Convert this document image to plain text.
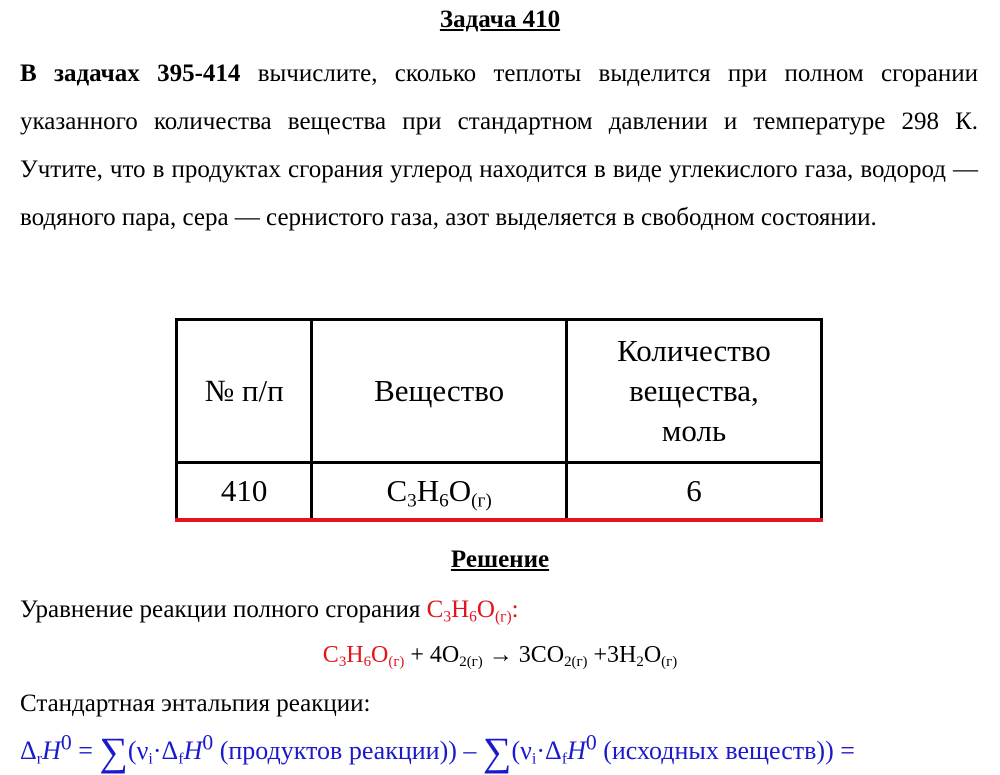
Задача 410
В задачах 395-414 вычислите, сколько теплоты выделится при полном сгорании указанного количества вещества при стандартном давлении и температуре 298 К. Учтите, что в продуктах сгорания углерод находится в виде углекислого газа, водород — водяного пара, сера — сернистого газа, азот выделяется в свободном состоянии.
№ п/п	Вещество	Количество
вещества,
моль
410	$C_3H_6O_{(г)}$	6
Решение
Уравнение реакции полного сгорания $C_3H_6O_{(г)}$:
$C_3H_6O_{(г)} + 4O_{2(г)} \to 3CO_{2(г)} +3H_2O_{(г)}$
Стандартная энтальпия реакции:
$\Delta_rH^0 = \sum(\nu_i\cdot\Delta_fH^0$ (продуктов реакции)) – $\sum(\nu_i\cdot\Delta_fH^0$ (исходных веществ)) =
